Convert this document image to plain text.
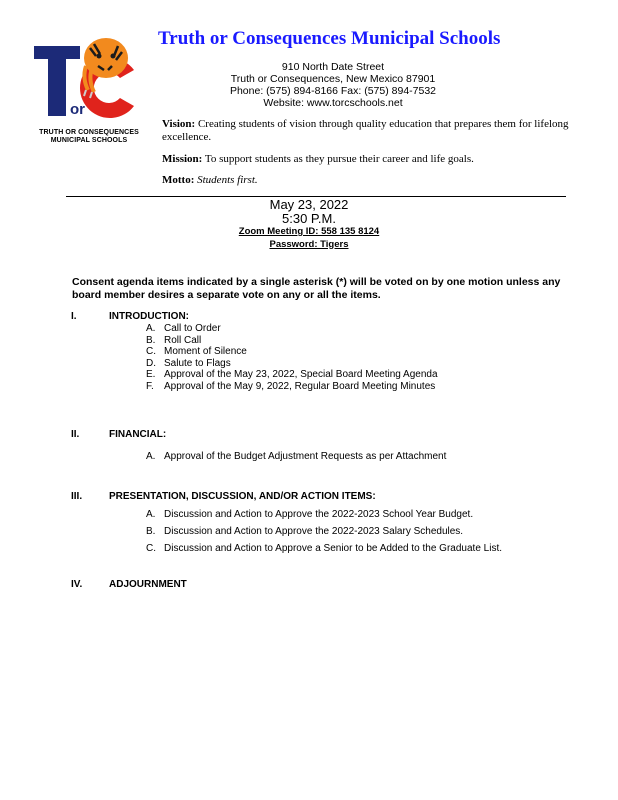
or
TRUTH OR CONSEQUENCES
MUNICIPAL SCHOOLS
Truth or Consequences Municipal Schools
910 North Date Street
Truth or Consequences, New Mexico 87901
Phone: (575) 894-8166 Fax: (575) 894-7532
Website: www.torcschools.net
Vision: Creating students of vision through quality education that prepares them for lifelong excellence.
Mission: To support students as they pursue their career and life goals.
Motto: Students first.
May 23, 2022
5:30 P.M.
Zoom Meeting ID: 558 135 8124
Password: Tigers
Consent agenda items indicated by a single asterisk (*) will be voted on by one motion unless any board member desires a separate vote on any or all the items.
I.	INTRODUCTION:
A. Call to Order
B. Roll Call
C. Moment of Silence
D. Salute to Flags
E. Approval of the May 23, 2022, Special Board Meeting Agenda
F. Approval of the May 9, 2022, Regular Board Meeting Minutes
II.	FINANCIAL:
A. Approval of the Budget Adjustment Requests as per Attachment
III.	PRESENTATION, DISCUSSION, AND/OR ACTION ITEMS:
A. Discussion and Action to Approve the 2022-2023 School Year Budget.
B. Discussion and Action to Approve the 2022-2023 Salary Schedules.
C. Discussion and Action to Approve a Senior to be Added to the Graduate List.
IV.	ADJOURNMENT
